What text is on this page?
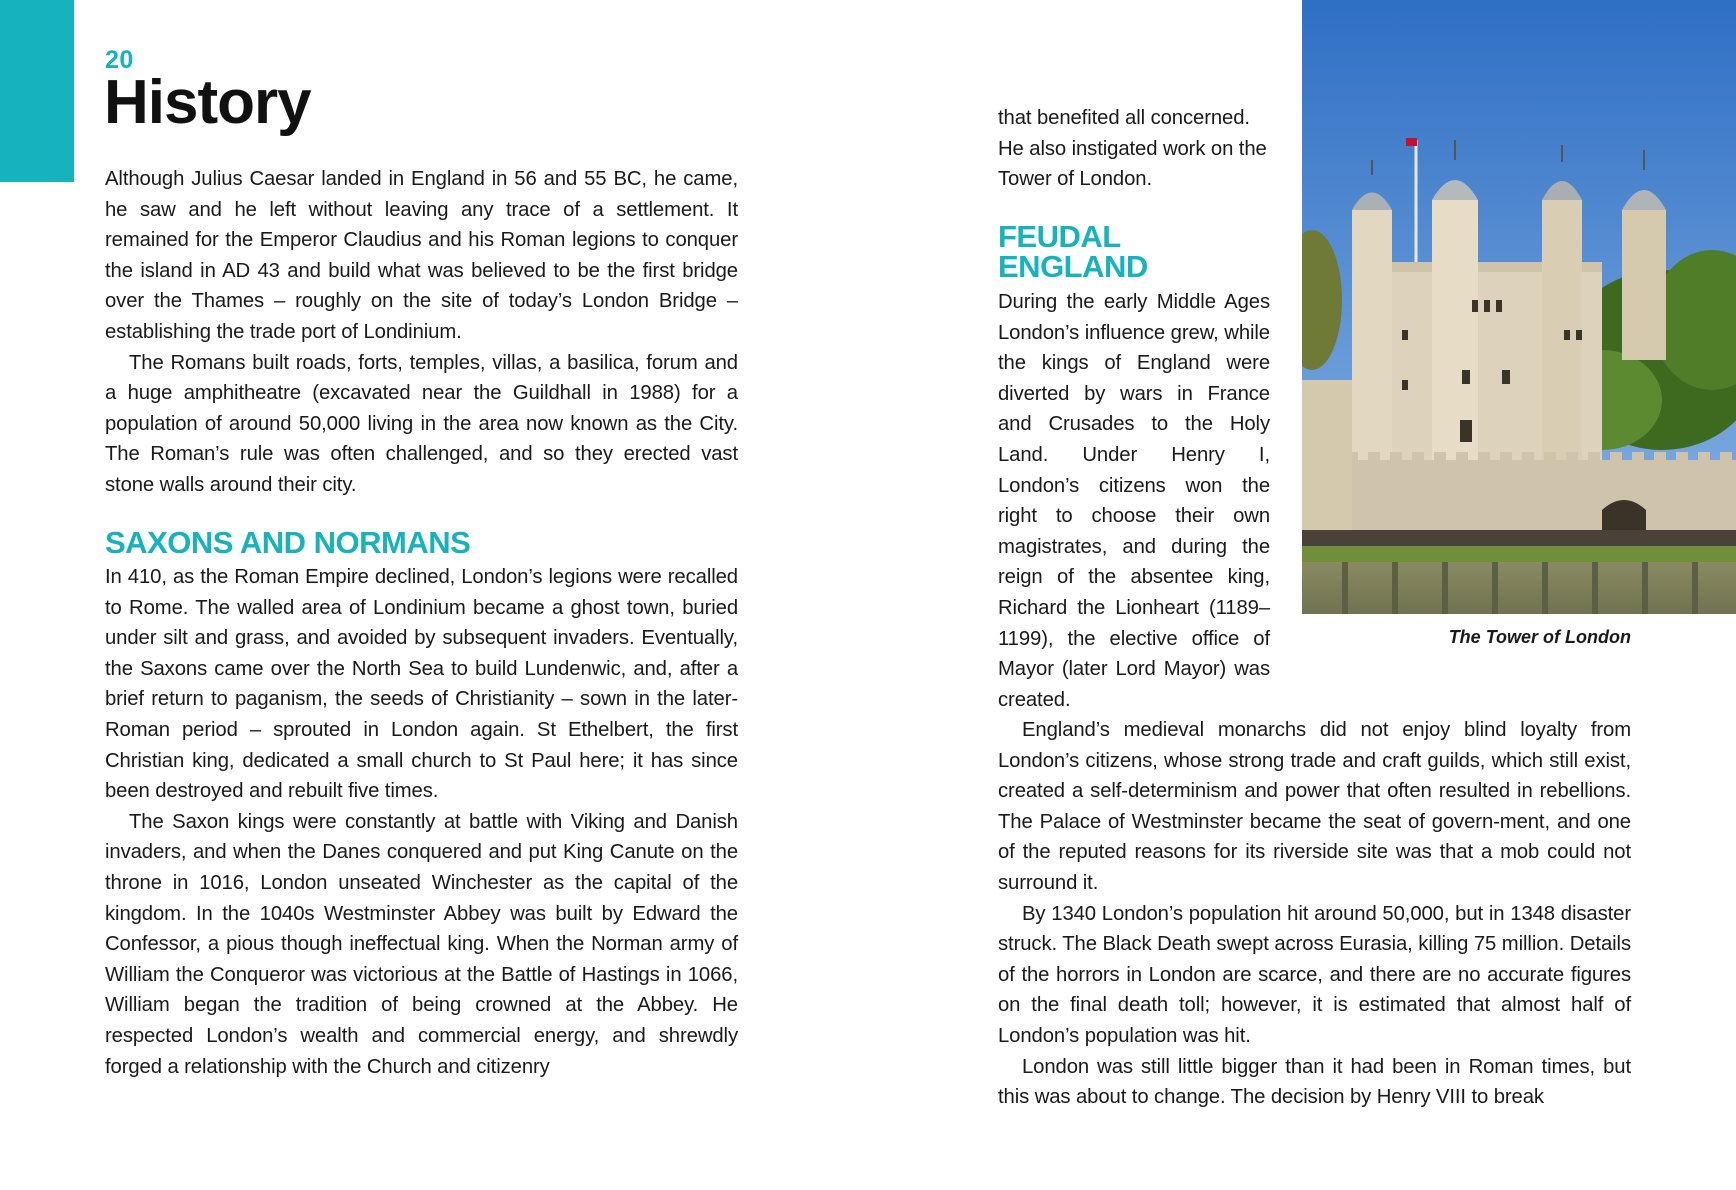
20
History

Although Julius Caesar landed in England in 56 and 55 BC, he came, he saw and he left without leaving any trace of a settlement. It remained for the Emperor Claudius and his Roman legions to conquer the island in AD 43 and build what was believed to be the first bridge over the Thames – roughly on the site of today’s London Bridge – establishing the trade port of Londinium.

The Romans built roads, forts, temples, villas, a basilica, forum and a huge amphitheatre (excavated near the Guildhall in 1988) for a population of around 50,000 living in the area now known as the City. The Roman’s rule was often challenged, and so they erected vast stone walls around their city.

SAXONS AND NORMANS

In 410, as the Roman Empire declined, London’s legions were recalled to Rome. The walled area of Londinium became a ghost town, buried under silt and grass, and avoided by subsequent invaders. Eventually, the Saxons came over the North Sea to build Lundenwic, and, after a brief return to paganism, the seeds of Christianity – sown in the later-Roman period – sprouted in London again. St Ethelbert, the first Christian king, dedicated a small church to St Paul here; it has since been destroyed and rebuilt five times.

The Saxon kings were constantly at battle with Viking and Danish invaders, and when the Danes conquered and put King Canute on the throne in 1016, London unseated Winchester as the capital of the kingdom. In the 1040s Westminster Abbey was built by Edward the Confessor, a pious though ineffectual king. When the Norman army of William the Conqueror was victorious at the Battle of Hastings in 1066, William began the tradition of being crowned at the Abbey. He respected London’s wealth and commercial energy, and shrewdly forged a relationship with the Church and citizenry

that benefited all concerned. He also instigated work on the Tower of London.

FEUDAL
ENGLAND

During the early Middle Ages London’s influence grew, while the kings of England were diverted by wars in France and Crusades to the Holy Land. Under Henry I, London’s citizens won the right to choose their own magistrates, and during the reign of the absentee king, Richard the Lionheart (1189–1199), the elective office of Mayor (later Lord Mayor) was created.

England’s medieval monarchs did not enjoy blind loyalty from London’s citizens, whose strong trade and craft guilds, which still exist, created a self-determinism and power that often resulted in rebellions. The Palace of Westminster became the seat of govern-ment, and one of the reputed reasons for its riverside site was that a mob could not surround it.

By 1340 London’s population hit around 50,000, but in 1348 disaster struck. The Black Death swept across Eurasia, killing 75 million. Details of the horrors in London are scarce, and there are no accurate figures on the final death toll; however, it is estimated that almost half of London’s population was hit.

London was still little bigger than it had been in Roman times, but this was about to change. The decision by Henry VIII to break

The Tower of London
